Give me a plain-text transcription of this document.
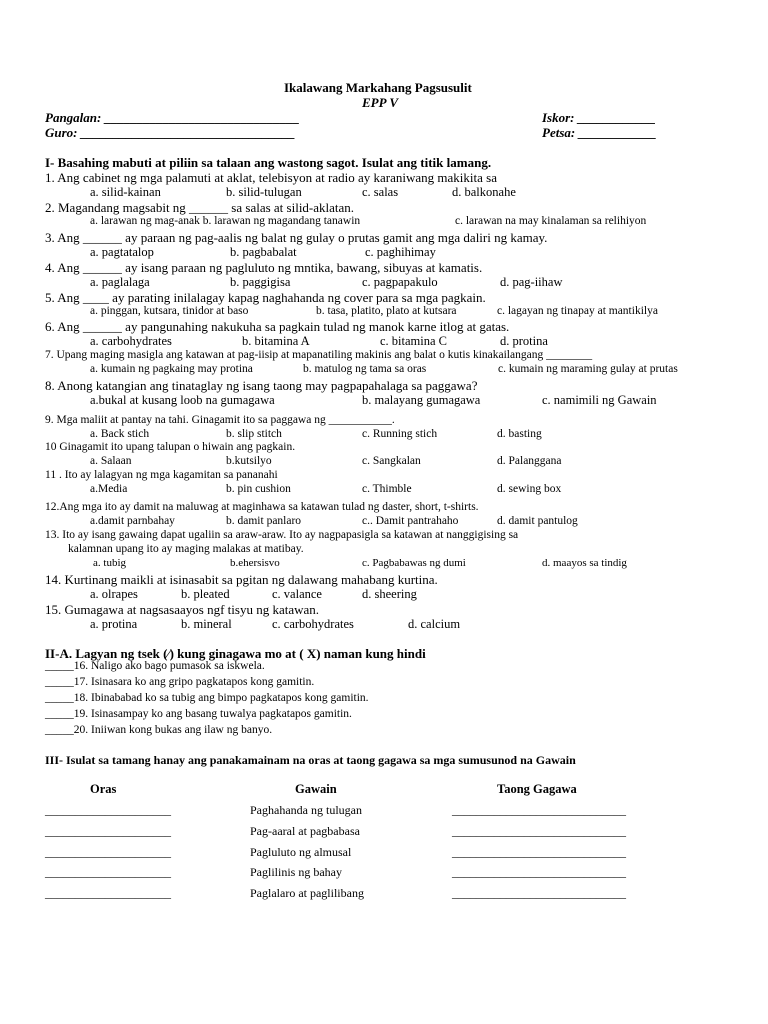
Ikalawang Markahang Pagsusulit
EPP V
Pangalan: ______________________________
Guro: _________________________________
Iskor: ____________
Petsa: ____________
I- Basahing mabuti at piliin sa talaan ang wastong sagot. Isulat ang titik lamang.
1. Ang cabinet ng mga palamuti at aklat, telebisyon at radio ay karaniwang makikita sa
a. silid-kainan	b. silid-tulugan	c. salas	d. balkonahe
2. Magandang magsabit ng ______ sa salas at silid-aklatan.
a. larawan ng mag-anak b. larawan ng magandang tanawin	c. larawan na may kinalaman sa relihiyon
3. Ang ______ ay paraan ng pag-aalis ng balat ng gulay o prutas gamit ang mga daliri ng kamay.
a. pagtatalop	b. pagbabalat	c. paghihimay
4. Ang ______ ay isang paraan ng pagluluto ng mntika, bawang, sibuyas at kamatis.
a. paglalaga	b. paggigisa	c. pagpapakulo	d. pag-iihaw
5. Ang ____ ay parating inilalagay kapag naghahanda ng cover para sa mga pagkain.
a. pinggan, kutsara, tinidor at baso	b. tasa, platito, plato at kutsara	c. lagayan ng tinapay at mantikilya
6. Ang ______ ay pangunahing nakukuha sa pagkain tulad ng manok karne itlog at gatas.
a. carbohydrates	b. bitamina A	c. bitamina C	d. protina
7. Upang maging masigla ang katawan at pag-iisip at mapanatiling makinis ang balat o kutis kinakailangang ________
a. kumain ng pagkaing may protina	b. matulog ng tama sa oras	c. kumain ng maraming gulay at prutas
8. Anong katangian ang tinataglay ng isang taong may pagpapahalaga sa paggawa?
a.bukal at kusang loob na gumagawa	b. malayang gumagawa	c. namimili ng Gawain
9. Mga maliit at pantay na tahi. Ginagamit ito sa paggawa ng ___________.
a. Back stich	b. slip stitch	c. Running stich	d. basting
10 Ginagamit ito upang talupan o hiwain ang pagkain.
a. Salaan	b.kutsilyo	c. Sangkalan	d. Palanggana
11 . Ito ay lalagyan ng mga kagamitan sa pananahi
a.Media	b. pin cushion	c. Thimble	d. sewing box
12.Ang mga ito ay damit na maluwag at maginhawa sa katawan tulad ng daster, short, t-shirts.
a.damit parnbahay	b. damit panlaro	c.. Damit pantrahaho	d. damit pantulog
13. Ito ay isang gawaing dapat ugaliin sa araw-araw. Ito ay nagpapasigla sa katawan at nanggigising sa
kalamnan upang ito ay maging malakas at matibay.
a. tubig	b.ehersisvo	c. Pagbabawas ng dumi	d. maayos sa tindig
14. Kurtinang maikli at isinasabit sa pgitan ng dalawang mahabang kurtina.
a. olrapes	b. pleated	c. valance	d. sheering
15. Gumagawa at nagsasaayos ngf tisyu ng katawan.
a. protina	b. mineral	c. carbohydrates	d. calcium
II-A. Lagyan ng tsek (⁄) kung ginagawa mo at ( X) naman kung hindi
_____16. Naligo ako bago pumasok sa iskwela.
_____17. Isinasara ko ang gripo pagkatapos kong gamitin.
_____18. Ibinababad ko sa tubig ang bimpo pagkatapos kong gamitin.
_____19. Isinasampay ko ang basang tuwalya pagkatapos gamitin.
_____20. Iniiwan kong bukas ang ilaw ng banyo.
III- Isulat sa tamang hanay ang panakamainam na oras at taong gagawa sa mga sumusunod na Gawain
Oras	Gawain	Taong Gagawa
_____________________	Paghahanda ng tulugan	_____________________________
_____________________	Pag-aaral at pagbabasa	_____________________________
_____________________	Pagluluto ng almusal	_____________________________
_____________________	Paglilinis ng bahay	_____________________________
_____________________	Paglalaro at paglilibang	_____________________________
